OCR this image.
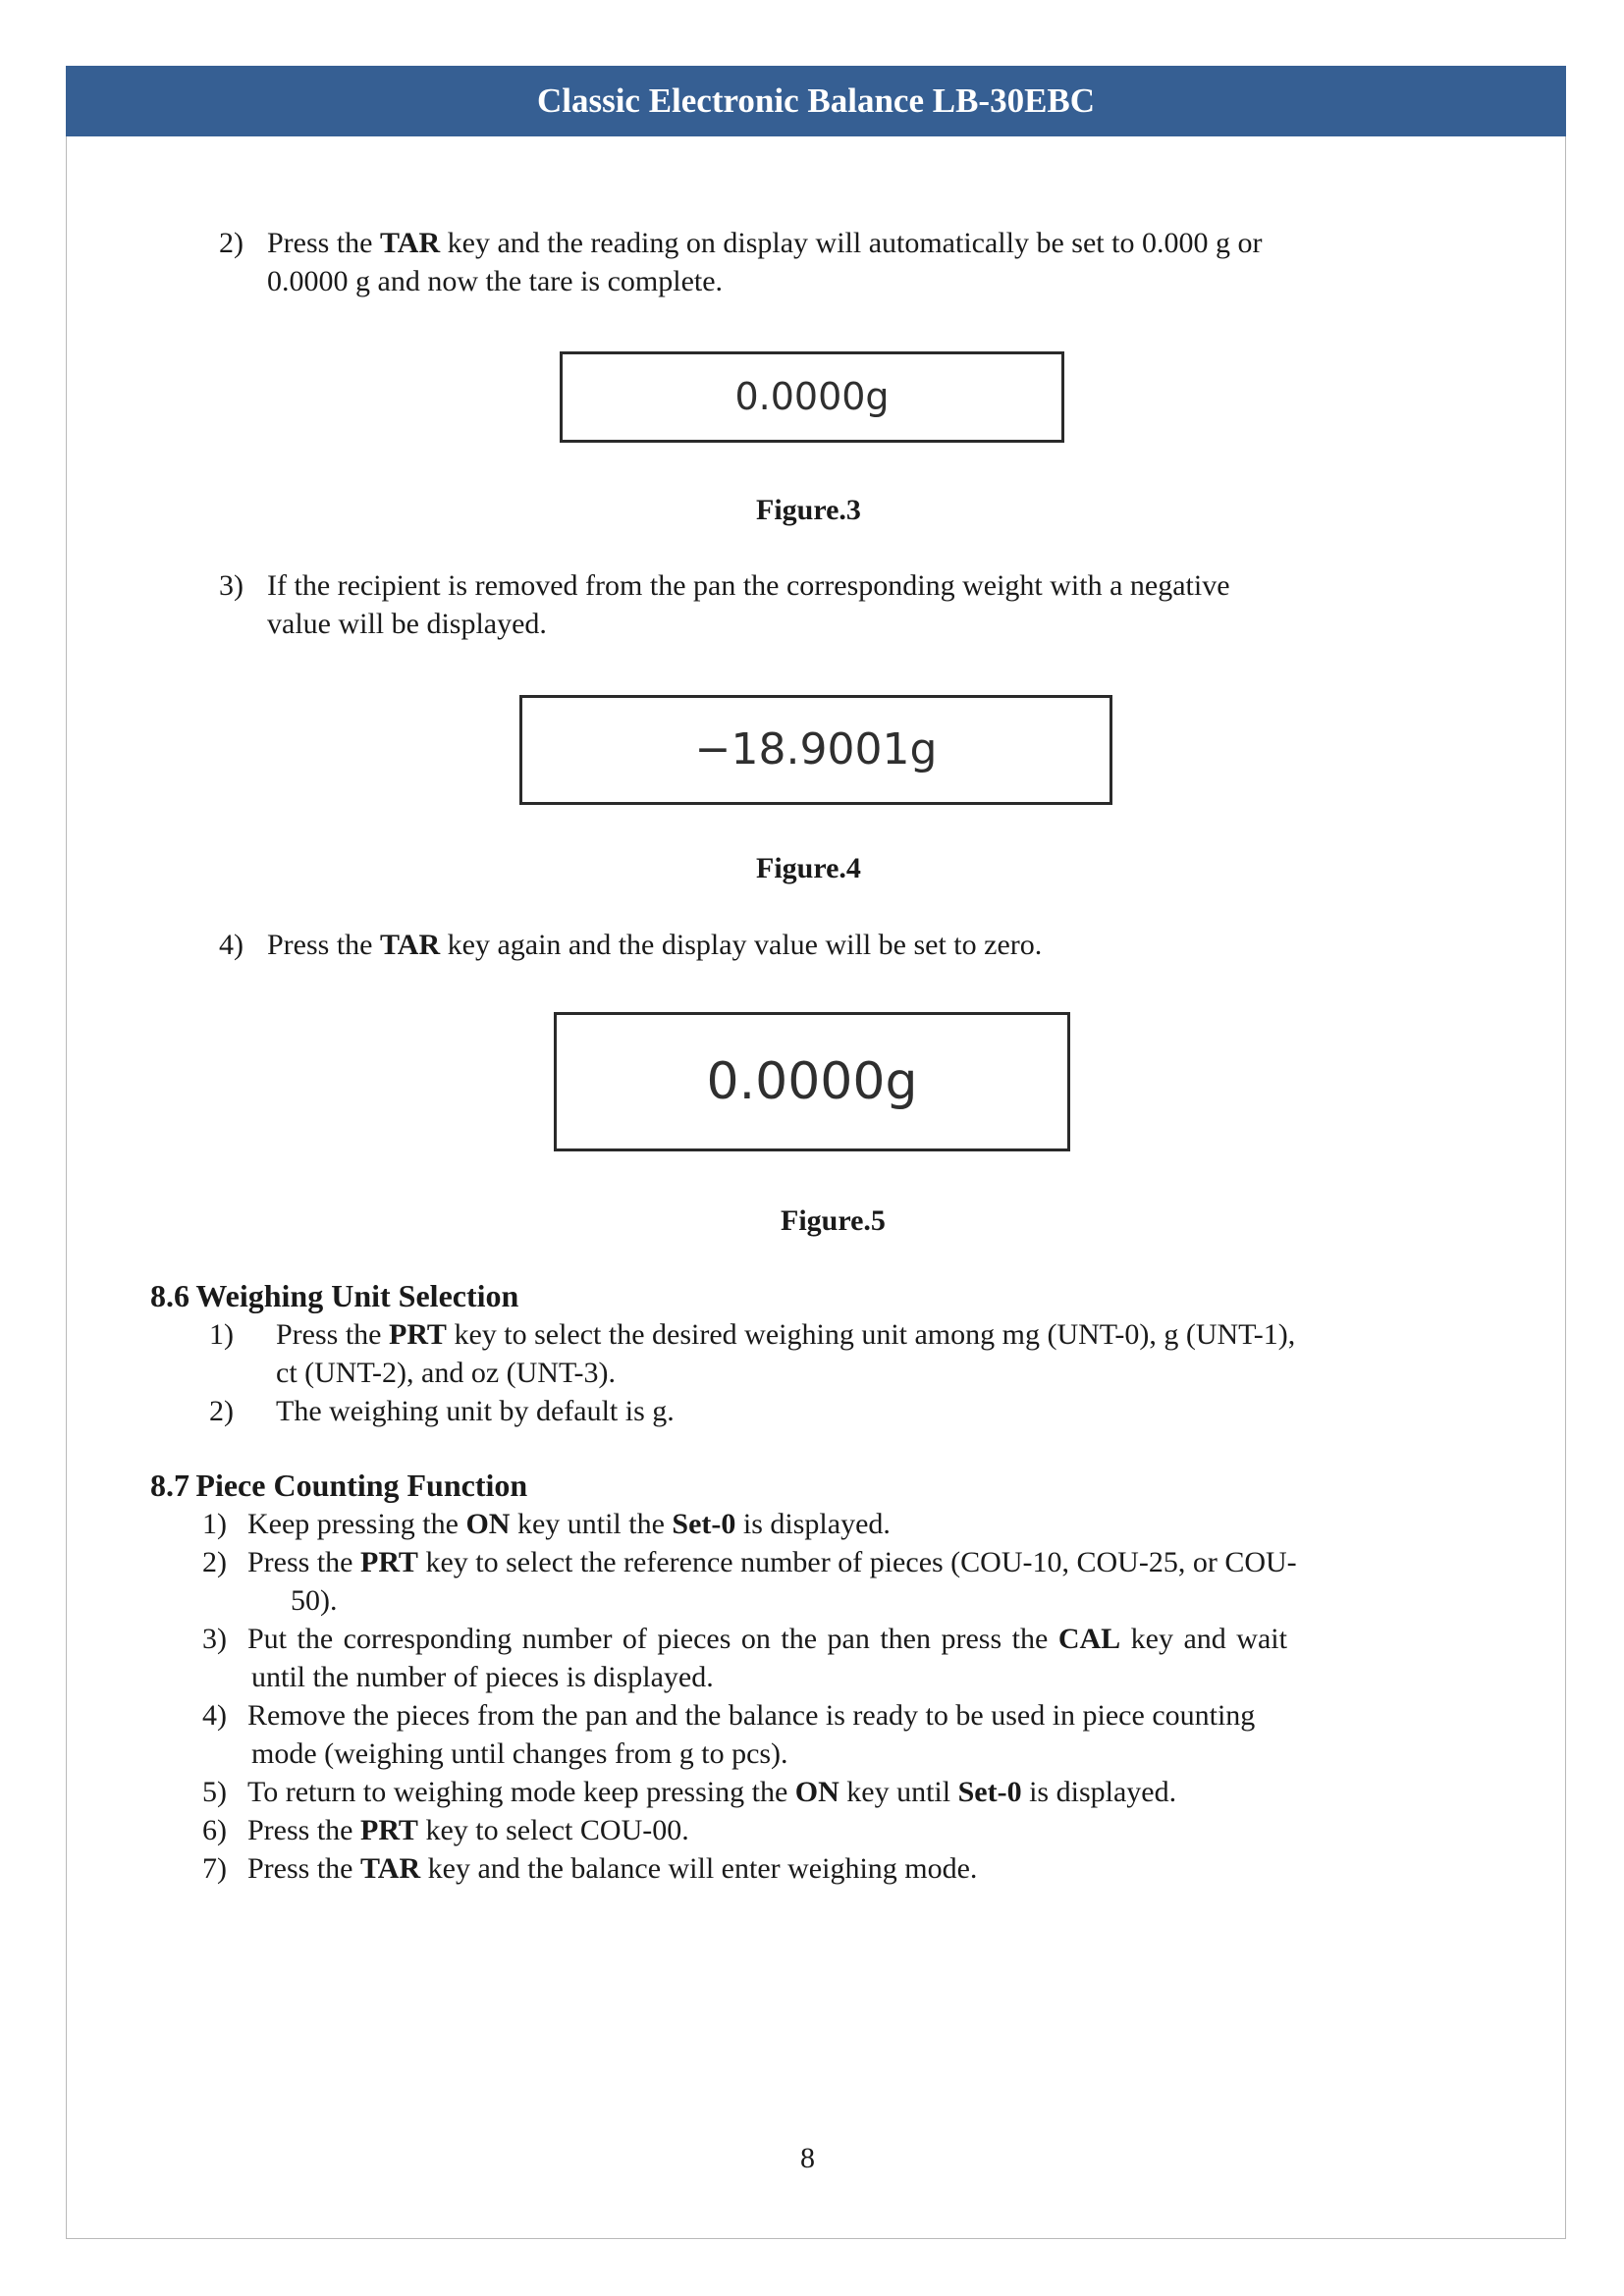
Classic Electronic Balance LB-30EBC
2) Press the TAR key and the reading on display will automatically be set to 0.000 g or
0.0000 g and now the tare is complete.
0.0000g
Figure.3
3) If the recipient is removed from the pan the corresponding weight with a negative
value will be displayed.
−18.9001g
Figure.4
4) Press the TAR key again and the display value will be set to zero.
0.0000g
Figure.5
8.6 Weighing Unit Selection
1) Press the PRT key to select the desired weighing unit among mg (UNT-0), g (UNT-1),
ct (UNT-2), and oz (UNT-3).
2) The weighing unit by default is g.
8.7 Piece Counting Function
1) Keep pressing the ON key until the Set-0 is displayed.
2) Press the PRT key to select the reference number of pieces (COU-10, COU-25, or COU-
50).
3) Put the corresponding number of pieces on the pan then press the CAL key and wait
until the number of pieces is displayed.
4) Remove the pieces from the pan and the balance is ready to be used in piece counting
mode (weighing until changes from g to pcs).
5) To return to weighing mode keep pressing the ON key until Set-0 is displayed.
6) Press the PRT key to select COU-00.
7) Press the TAR key and the balance will enter weighing mode.
8
